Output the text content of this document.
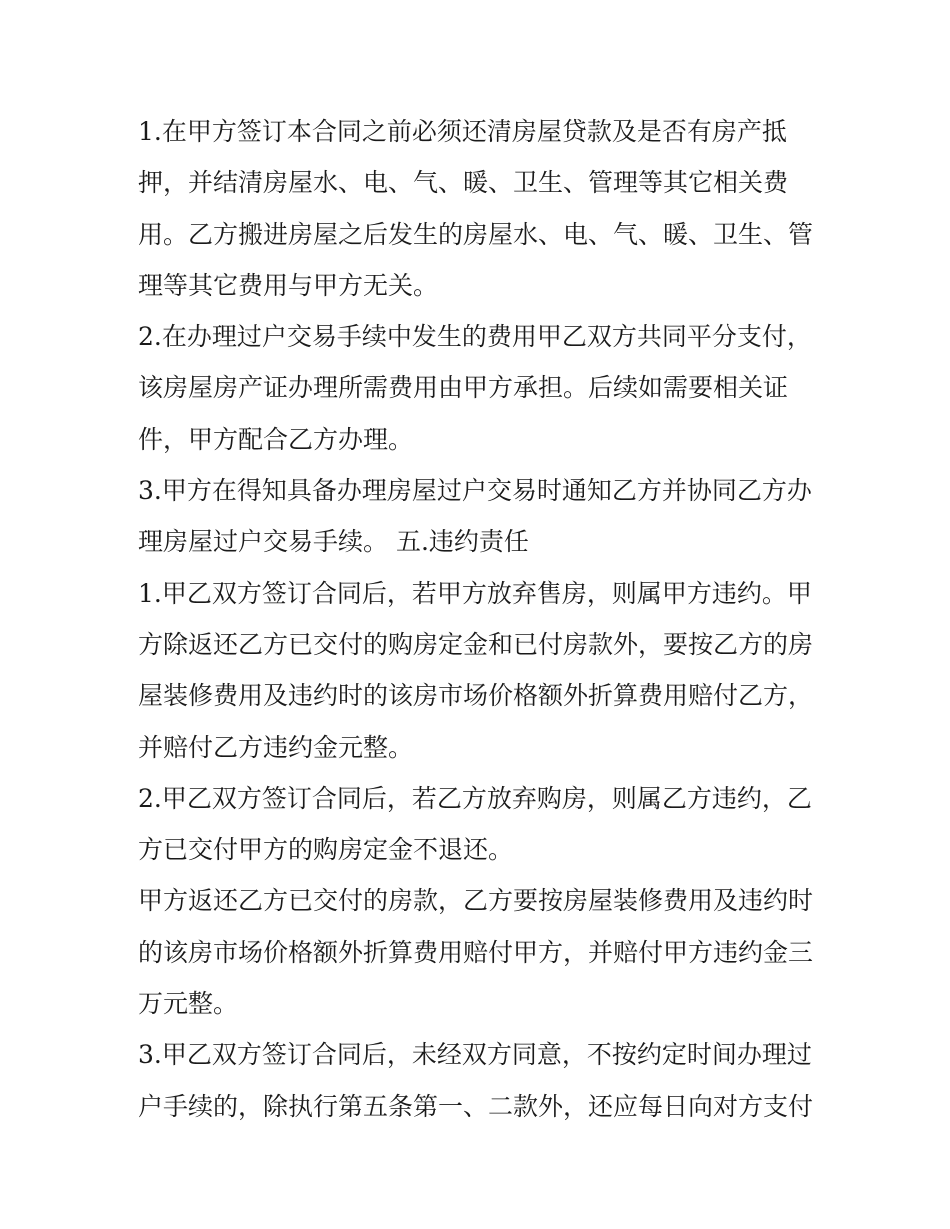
1.在甲方签订本合同之前必须还清房屋贷款及是否有房产抵
押，并结清房屋水、电、气、暖、卫生、管理等其它相关费
用。乙方搬进房屋之后发生的房屋水、电、气、暖、卫生、管
理等其它费用与甲方无关。
2.在办理过户交易手续中发生的费用甲乙双方共同平分支付，
该房屋房产证办理所需费用由甲方承担。后续如需要相关证
件，甲方配合乙方办理。
3.甲方在得知具备办理房屋过户交易时通知乙方并协同乙方办
理房屋过户交易手续。 五.违约责任
1.甲乙双方签订合同后，若甲方放弃售房，则属甲方违约。甲
方除返还乙方已交付的购房定金和已付房款外，要按乙方的房
屋装修费用及违约时的该房市场价格额外折算费用赔付乙方，
并赔付乙方违约金元整。
2.甲乙双方签订合同后，若乙方放弃购房，则属乙方违约，乙
方已交付甲方的购房定金不退还。
甲方返还乙方已交付的房款，乙方要按房屋装修费用及违约时
的该房市场价格额外折算费用赔付甲方，并赔付甲方违约金三
万元整。
3.甲乙双方签订合同后，未经双方同意，不按约定时间办理过
户手续的，除执行第五条第一、二款外，还应每日向对方支付
